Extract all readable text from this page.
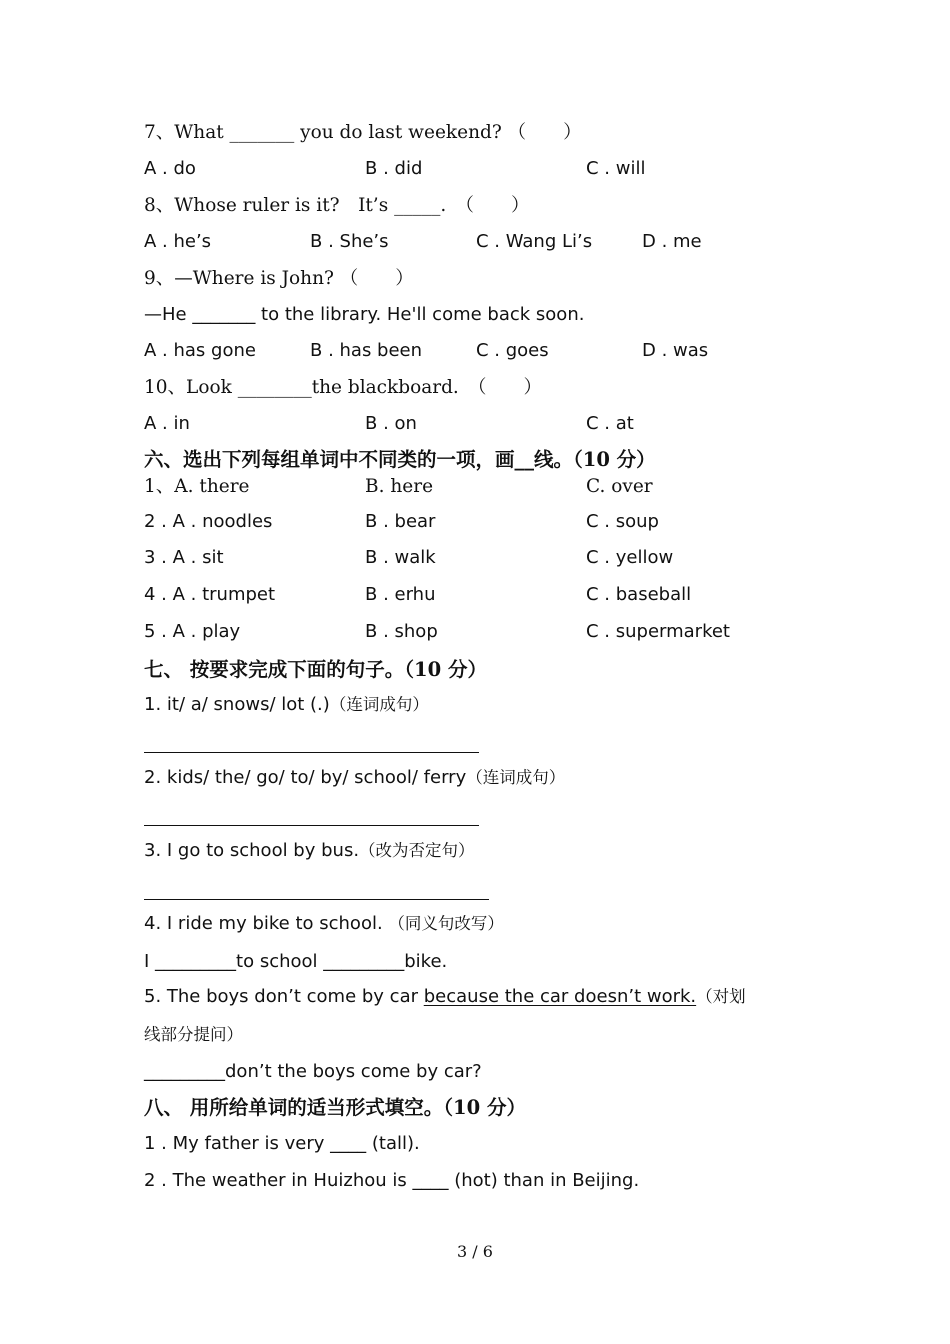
7、What _______ you do last weekend? （　　）
A . do	B . did	C . will
8、Whose ruler is it?　It’s _____.　（　　）
A . he’s	B . She’s	C . Wang Li’s	D . me
9、—Where is John? （　　）
—He _______ to the library. He'll come back soon.
A . has gone	B . has been	C . goes	D . was
10、Look ________the blackboard.　（　　）
A . in	B . on	C . at
六、选出下列每组单词中不同类的一项，画__线。（10 分）
1、A. there	B. here	C. over
2 . A . noodles	B . bear	C . soup
3 . A . sit	B . walk	C . yellow
4 . A . trumpet	B . erhu	C . baseball
5 . A . play	B . shop	C . supermarket
七、 按要求完成下面的句子。（10 分）
1. it/ a/ snows/ lot (.)（连词成句）
2. kids/ the/ go/ to/ by/ school/ ferry（连词成句）
3. I go to school by bus.（改为否定句）
4. I ride my bike to school. （同义句改写）
I _________to school _________bike.
5. The boys don’t come by car because the car doesn’t work.（对划
线部分提问）
_________don’t the boys come by car?
八、 用所给单词的适当形式填空。（10 分）
1 . My father is very ____ (tall).
2 . The weather in Huizhou is ____ (hot) than in Beijing.
3 / 6
